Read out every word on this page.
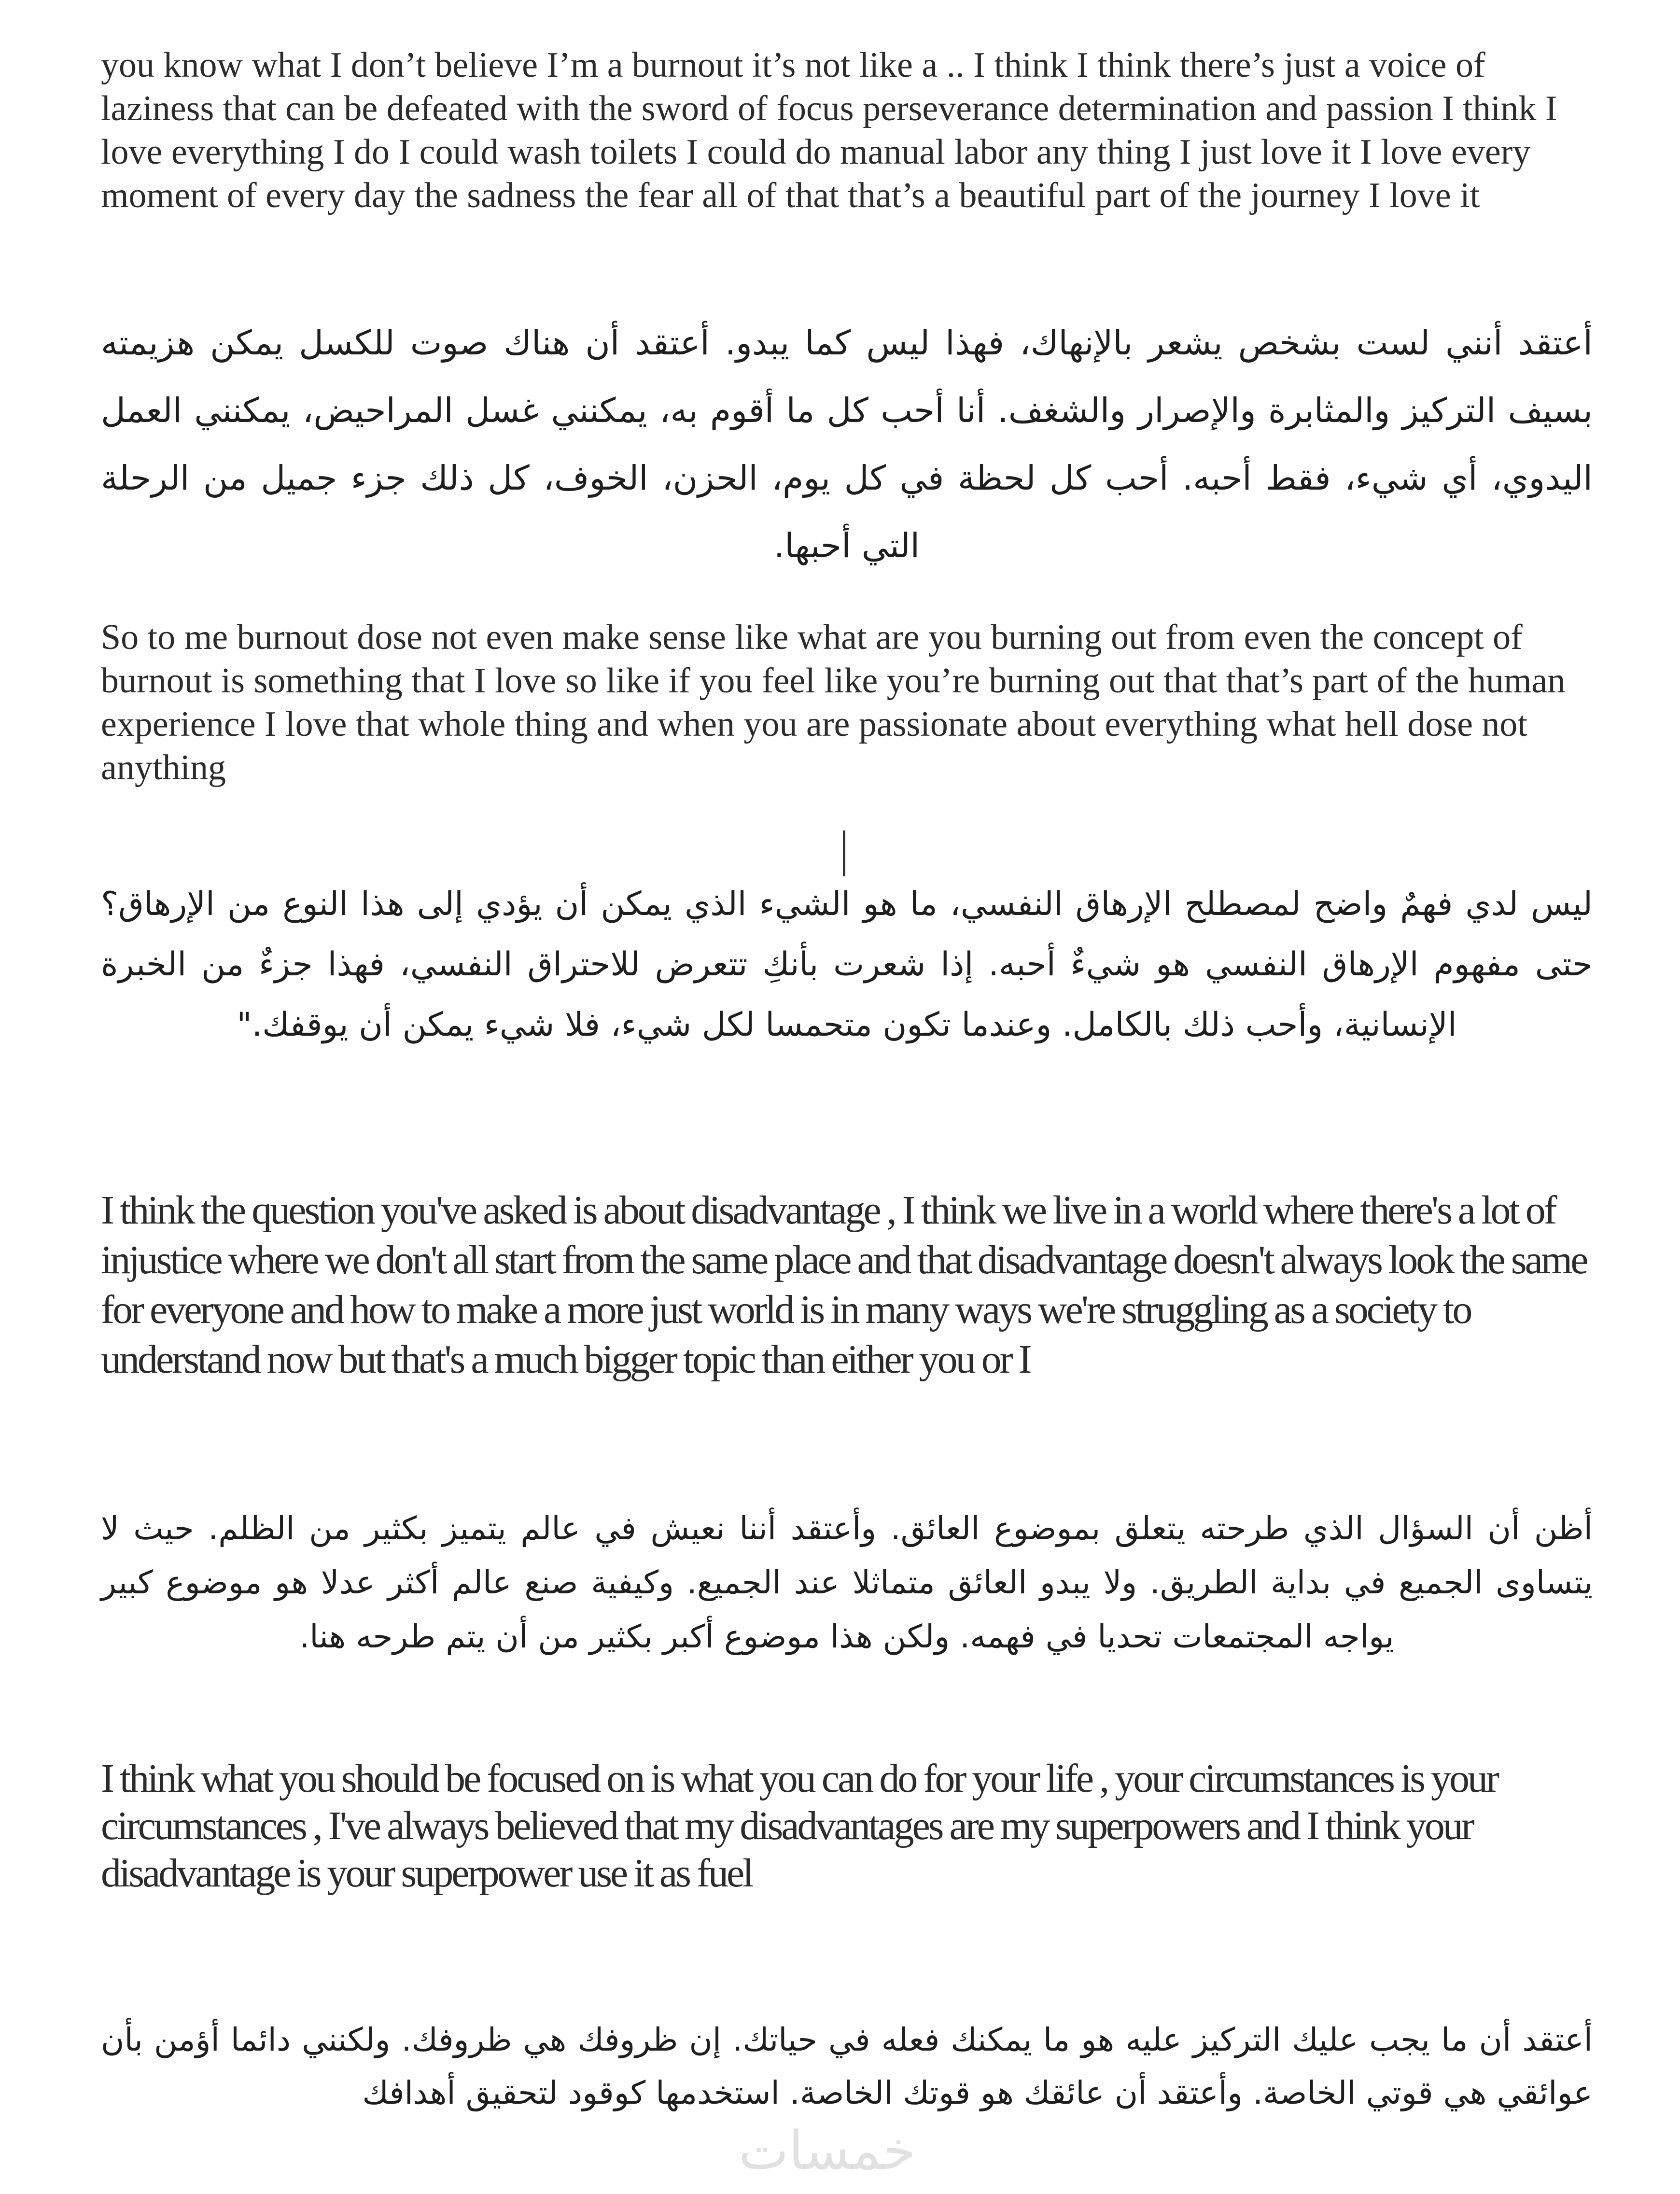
you know what I don’t believe I’m a burnout it’s not like a .. I think I think there’s just a voice of laziness that can be defeated with the sword of focus perseverance determination and passion I think I love everything I do I could wash toilets I could do manual labor any thing I just love it I love every moment of every day the sadness the fear all of that that’s a beautiful part of the journey I love it

أعتقد أنني لست بشخص يشعر بالإنهاك، فهذا ليس كما يبدو. أعتقد أن هناك صوت للكسل يمكن هزيمته بسيف التركيز والمثابرة والإصرار والشغف. أنا أحب كل ما أقوم به، يمكنني غسل المراحيض، يمكنني العمل اليدوي، أي شيء، فقط أحبه. أحب كل لحظة في كل يوم، الحزن، الخوف، كل ذلك جزء جميل من الرحلة التي أحبها.

So to me burnout dose not even make sense like what are you burning out from even the concept of burnout is something that I love so like if you feel like you’re burning out that that’s part of the human experience I love that whole thing and when you are passionate about everything what hell dose not anything

ليس لدي فهمٌ واضح لمصطلح الإرهاق النفسي، ما هو الشيء الذي يمكن أن يؤدي إلى هذا النوع من الإرهاق؟ حتى مفهوم الإرهاق النفسي هو شيءٌ أحبه. إذا شعرت بأنكِ تتعرض للاحتراق النفسي، فهذا جزءٌ من الخبرة الإنسانية، وأحب ذلك بالكامل. وعندما تكون متحمسا لكل شيء، فلا شيء يمكن أن يوقفك."

I think the question you've asked is about disadvantage , I think we live in a world where there's a lot of injustice where we don't all start from the same place and that disadvantage doesn't always look the same for everyone and how to make a more just world is in many ways we're struggling as a society to understand now but that's a much bigger topic than either you or I

أظن أن السؤال الذي طرحته يتعلق بموضوع العائق. وأعتقد أننا نعيش في عالم يتميز بكثير من الظلم. حيث لا يتساوى الجميع في بداية الطريق. ولا يبدو العائق متماثلا عند الجميع. وكيفية صنع عالم أكثر عدلا هو موضوع كبير يواجه المجتمعات تحديا في فهمه. ولكن هذا موضوع أكبر بكثير من أن يتم طرحه هنا.

I think what you should be focused on is what you can do for your life , your circumstances is your circumstances , I've always believed that my disadvantages are my superpowers and I think your disadvantage is your superpower use it as fuel

أعتقد أن ما يجب عليك التركيز عليه هو ما يمكنك فعله في حياتك. إن ظروفك هي ظروفك. ولكنني دائما أؤمن بأن عوائقي هي قوتي الخاصة. وأعتقد أن عائقك هو قوتك الخاصة. استخدمها كوقود لتحقيق أهدافك

خمسات
